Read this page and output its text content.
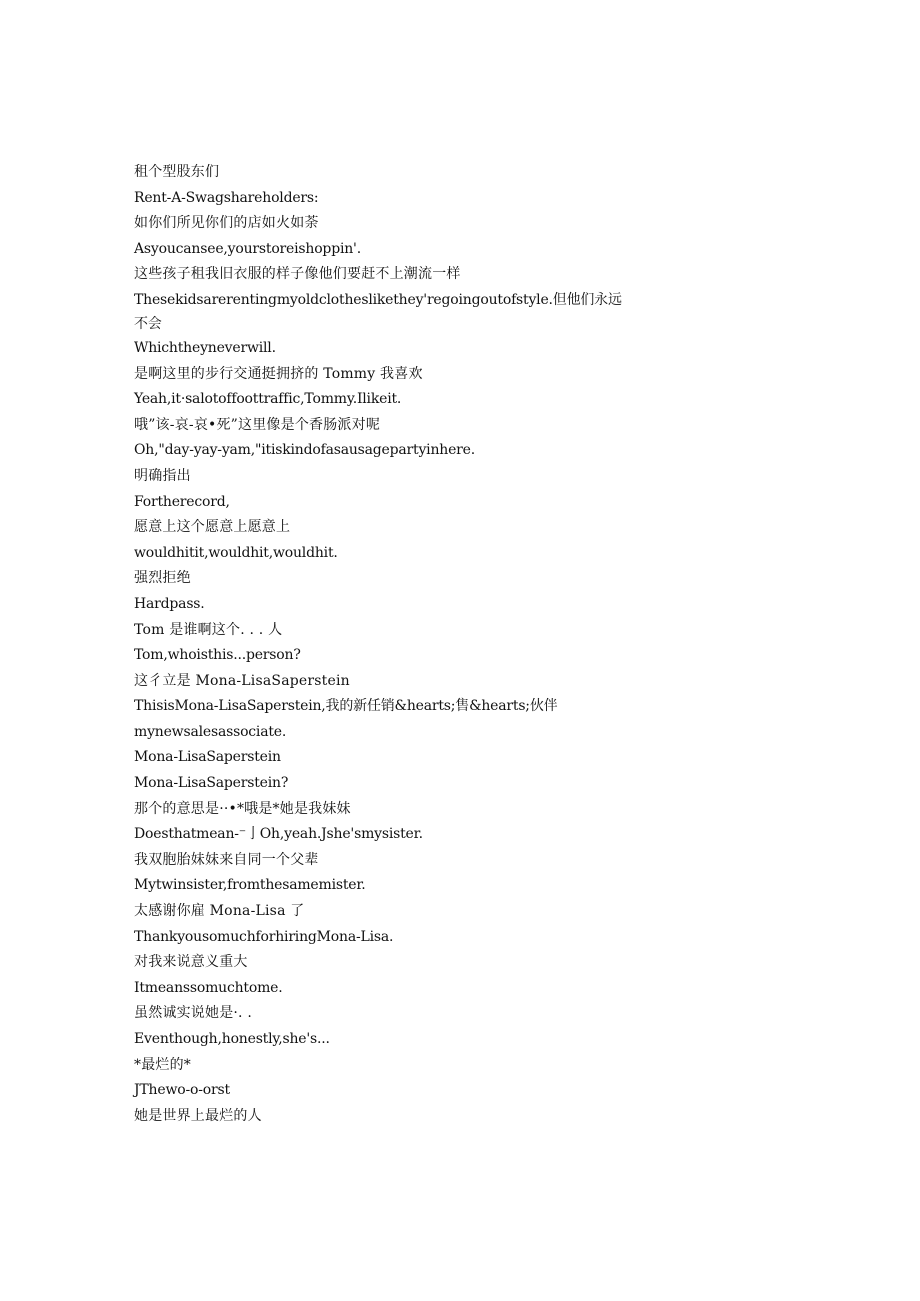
租个型股东们
Rent-A-Swagshareholders:
如你们所见你们的店如火如荼
Asyoucansee,yourstoreishoppin'.
这些孩子租我旧衣服的样子像他们要赶不上潮流一样
Thesekidsarerentingmyoldclotheslikethey'regoingoutofstyle.但他们永远不会
Whichtheyneverwill.
是啊这里的步行交通挺拥挤的 Tommy 我喜欢
Yeah,it·salotoffoottraffic,Tommy.Ilikeit.
哦”该-哀-哀•死”这里像是个香肠派对呢
Oh,"day-yay-yam,"itiskindofasausagepartyinhere.
明确指出
Fortherecord,
愿意上这个愿意上愿意上
wouldhitit,wouldhit,wouldhit.
强烈拒绝
Hardpass.
Tom 是谁啊这个. . . 人
Tom,whoisthis...person?
这彳立是 Mona-LisaSaperstein
ThisisMona-LisaSaperstein,我的新任销&hearts;售&hearts;伙伴
mynewsalesassociate.
Mona-LisaSaperstein
Mona-LisaSaperstein?
那个的意思是··•*哦是*她是我妹妹
Doesthatmean-⁻亅Oh,yeah.Jshe'smysister.
我双胞胎妹妹来自同一个父辈
Mytwinsister,fromthesamemister.
太感谢你雇 Mona-Lisa 了
ThankyousomuchforhiringMona-Lisa.
对我来说意义重大
Itmeanssomuchtome.
虽然诚实说她是·. .
Eventhough,honestly,she's...
*最烂的*
JThewo-o-orst
她是世界上最烂的人
